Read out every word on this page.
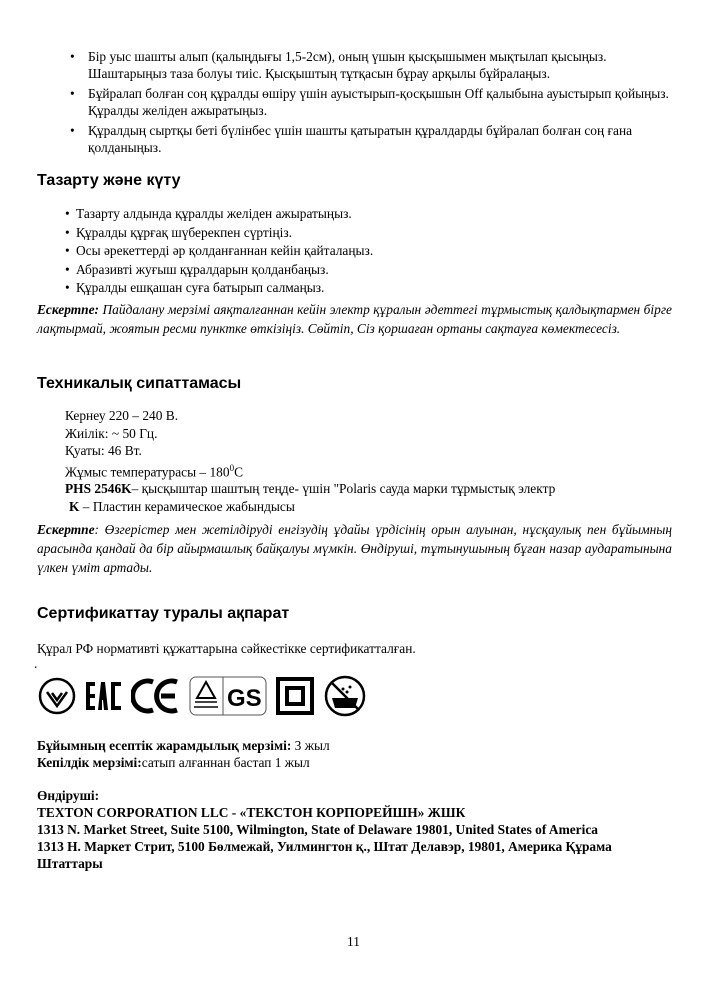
• Бір уыс шашты алып (қалыңдығы 1,5-2см), оның үшын қысқышымен мықтылап қысыңыз. Шаштарыңыз таза болуы тиіс. Қысқыштың тұтқасын бұрау арқылы бұйралаңыз.
• Бұйралап болған соң құралды өшіру үшін ауыстырып-қосқышын Off қалыбына ауыстырып қойыңыз. Құралды желіден ажыратыңыз.
• Құралдың сыртқы беті бүлінбес үшін шашты қатыратын құралдарды бұйралап болған соң ғана қолданыңыз.
Тазарту және күту
• Тазарту алдында құралды желіден ажыратыңыз.
• Құралды құрғақ шүберекпен сүртіңіз.
• Осы әрекеттерді әр қолданғаннан кейін қайталаңыз.
• Абразивті жуғыш құралдарын қолданбаңыз.
• Құралды ешқашан суға батырып салмаңыз.
Ескертпе: Пайдалану мерзімі аяқталғаннан кейін электр құралын әдеттегі тұрмыстық қалдықтармен бірге лақтырмай, жоятын ресми пунктке өткізіңіз. Сөйтіп, Сіз қоршаған ортаны сақтауға көмектесесіз.
Техникалық сипаттамасы
Кернеу 220 – 240 В.
Жиілік: ~ 50 Гц.
Қуаты: 46 Вт.
Жұмыс температурасы – $180^0С$
PHS 2546K– қысқыштар шаштың теңде- үшін "Polaris сауда марки тұрмыстық электр
K – Пластин керамическое жабындысы
Ескертпе: Өзгерістер мен жетілдіруді енгізудің ұдайы үрдісінің орын алуынан, нұсқаулық пен бұйымның арасында қандай да бір айырмашлық байқалуы мүмкін. Өндіруші, тұтынушының бұған назар аударатынына үлкен үміт артады.
Сертификаттау туралы ақпарат
Құрал РФ нормативті құжаттарына сәйкестікке сертификатталған.
.
GS
Бұйымның есептік жарамдылық мерзімі: 3 жыл
Кепілдік мерзімі:сатып алғаннан бастап 1 жыл
Өндіруші:
TEXTON CORPORATION LLC - «ТЕКСТОН КОРПОРЕЙШН» ЖШК
1313 N. Market Street, Suite 5100, Wilmington, State of Delaware 19801, United States of America
1313 Н. Маркет Стрит, 5100 Бөлмежай, Уилмингтон қ., Штат Делавэр, 19801, Америка Құрама Штаттары
11
